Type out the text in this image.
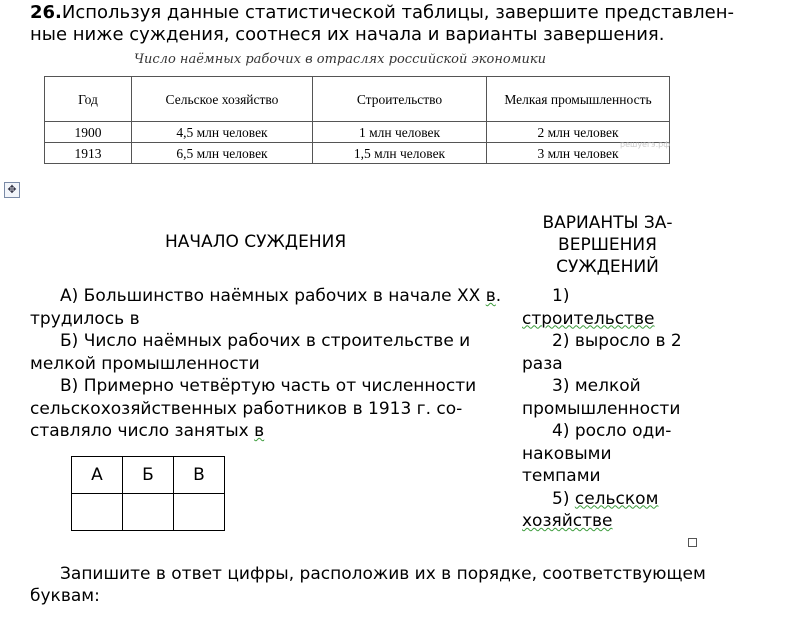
26.Используя данные статистической таблицы, завершите представлен-ные ниже суждения, соотнеся их начала и варианты завершения.
Число наёмных рабочих в отраслях российской экономики
Год	Сельское хозяйство	Строительство	Мелкая промышленность
1900	4,5 млн человек	1 млн человек	2 млн человек
1913	6,5 млн человек	1,5 млн человек	3 млн человек
решуегэ.рф
✥
НАЧАЛО СУЖДЕНИЯ
ВАРИАНТЫ ЗА-ВЕРШЕНИЯ СУЖДЕНИЙ

А) Большинство наёмных рабочих в начале XX в. трудилось в

Б) Число наёмных рабочих в строительстве и мелкой промышленности

В) Примерно четвёртую часть от численности сельскохозяйственных работников в 1913 г. со-ставляло число занятых в

1) строительстве

2) выросло в 2 раза

3) мелкой промышленности

4) росло оди-наковыми темпами

5) сельском хозяйстве

А	Б	В

Запишите в ответ цифры, расположив их в порядке, соответствующем буквам:
